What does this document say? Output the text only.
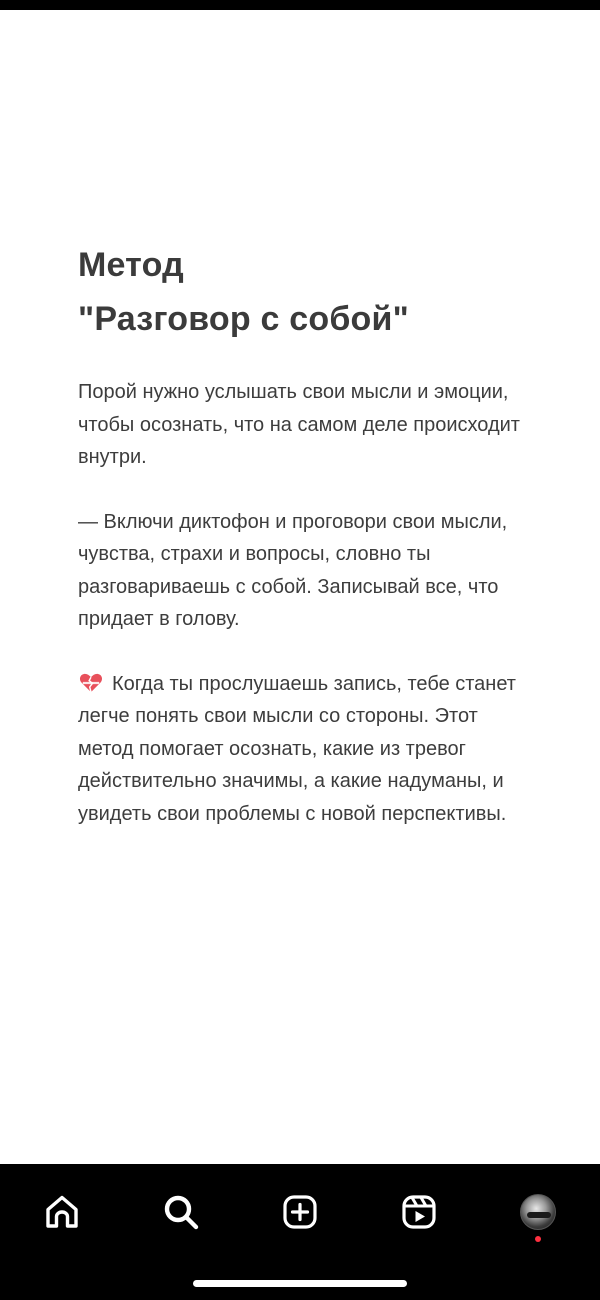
Метод
"Разговор с собой"

Порой нужно услышать свои мысли и эмоции, чтобы осознать, что на самом деле происходит внутри.

— Включи диктофон и проговори свои мысли, чувства, страхи и вопросы, словно ты разговариваешь с собой. Записывай все, что придает в голову.

Когда ты прослушаешь запись, тебе станет легче понять свои мысли со стороны. Этот метод помогает осознать, какие из тревог действительно значимы, а какие надуманы, и увидеть свои проблемы с новой перспективы.
